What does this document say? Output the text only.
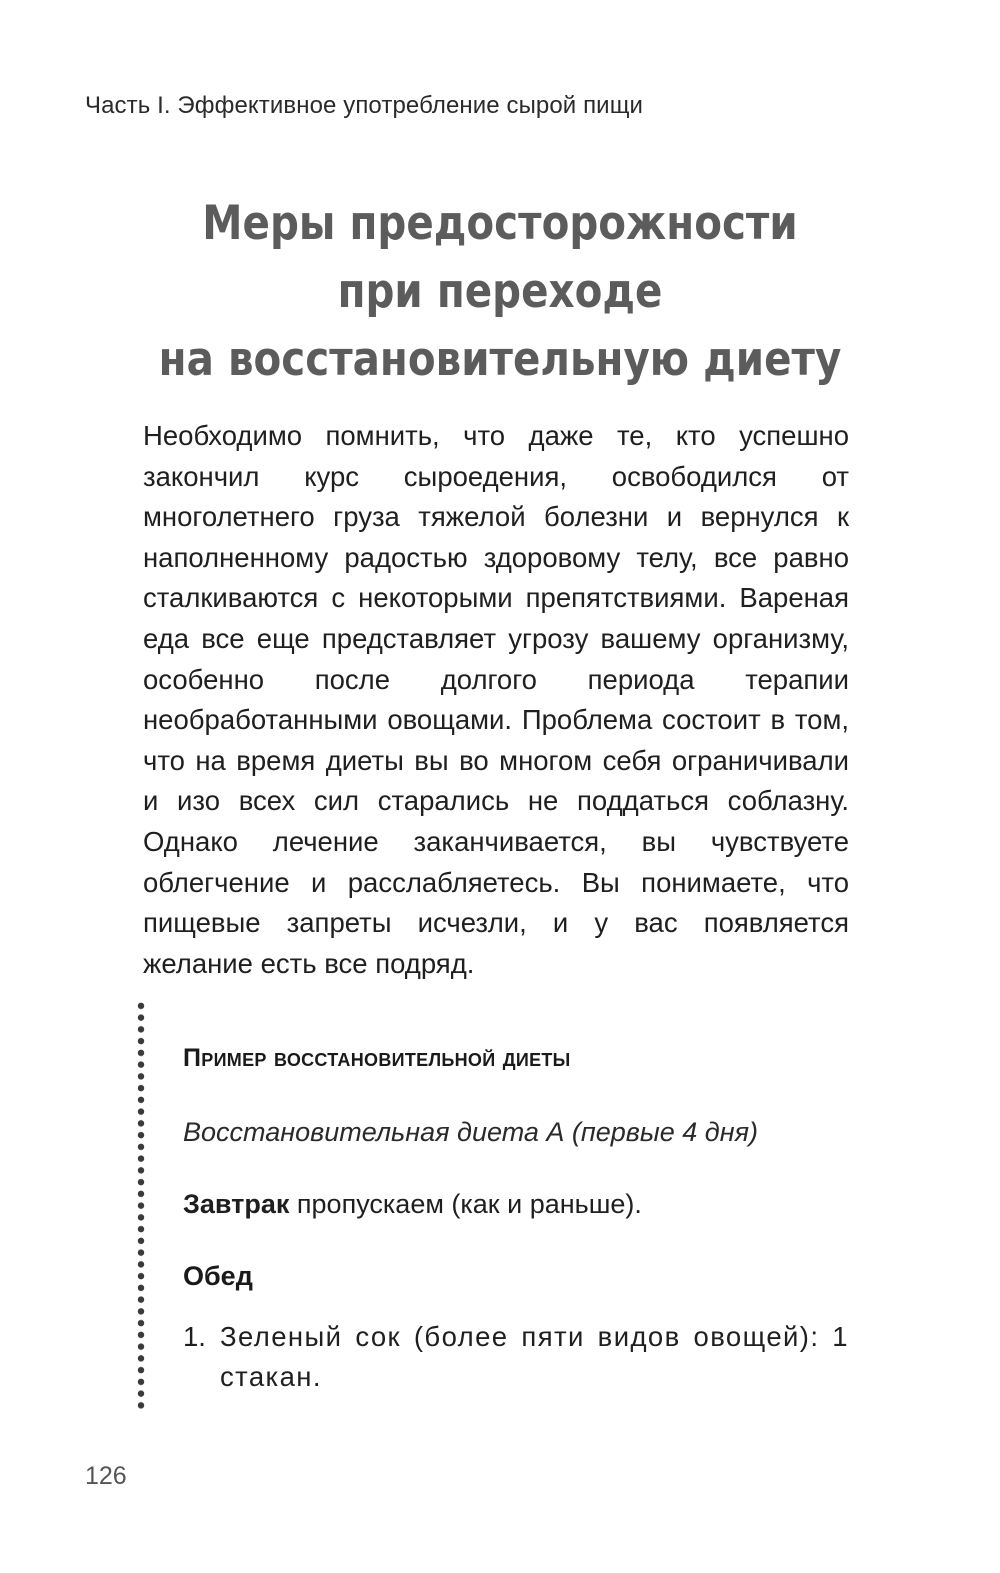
Часть I. Эффективное употребление сырой пищи
Меры предосторожности
при переходе
на восстановительную диету

Необходимо помнить, что даже те, кто успешно закончил курс сыроедения, освободился от многолетнего груза тяжелой болезни и вернулся к наполненному радостью здоровому телу, все равно сталкиваются с некоторыми препятствиями. Вареная еда все еще представляет угрозу вашему организму, особенно после долгого периода терапии необработанными овощами. Проблема состоит в том, что на время диеты вы во многом себя ограничивали и изо всех сил старались не поддаться соблазну. Однако лечение заканчивается, вы чувствуете облегчение и расслабляетесь. Вы понимаете, что пищевые запреты исчезли, и у вас появляется желание есть все подряд.

Пример восстановительной диеты
Восстановительная диета А (первые 4 дня)
Завтрак пропускаем (как и раньше).
Обед
1. Зеленый сок (более пяти видов овощей): 1 стакан.
126
